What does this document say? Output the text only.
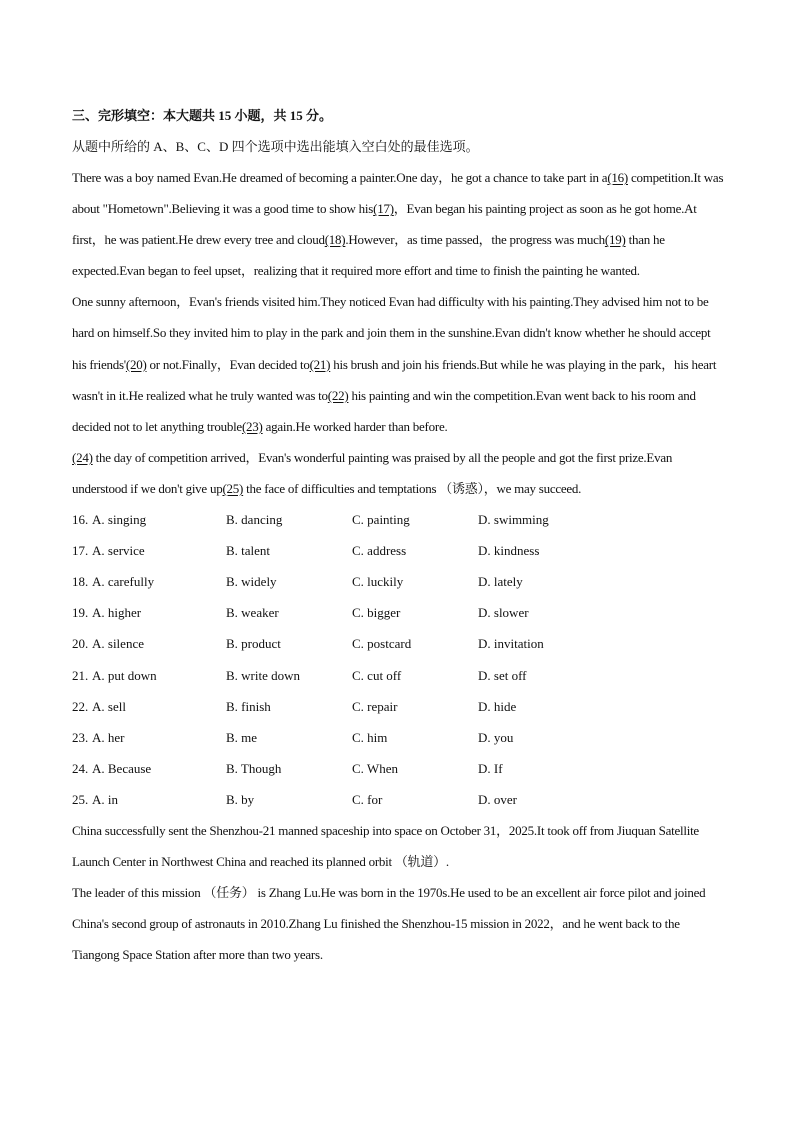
三、完形填空：本大题共 15 小题，共 15 分。
从题中所给的 A、B、C、D 四个选项中选出能填入空白处的最佳选项。

There was a boy named Evan.He dreamed of becoming a painter.One day，he got a chance to take part in a(16) competition.It was about "Hometown".Believing it was a good time to show his(17)，Evan began his painting project as soon as he got home.At first，he was patient.He drew every tree and cloud(18).However，as time passed，the progress was much(19) than he expected.Evan began to feel upset，realizing that it required more effort and time to finish the painting he wanted.

One sunny afternoon，Evan's friends visited him.They noticed Evan had difficulty with his painting.They advised him not to be hard on himself.So they invited him to play in the park and join them in the sunshine.Evan didn't know whether he should accept his friends'(20) or not.Finally，Evan decided to(21) his brush and join his friends.But while he was playing in the park，his heart wasn't in it.He realized what he truly wanted was to(22) his painting and win the competition.Evan went back to his room and decided not to let anything trouble(23) again.He worked harder than before.

(24) the day of competition arrived，Evan's wonderful painting was praised by all the people and got the first prize.Evan understood if we don't give up(25) the face of difficulties and temptations （诱惑），we may succeed.

16. A. singing	B. dancing	C. painting	D. swimming
17. A. service	B. talent	C. address	D. kindness
18. A. carefully	B. widely	C. luckily	D. lately
19. A. higher	B. weaker	C. bigger	D. slower
20. A. silence	B. product	C. postcard	D. invitation
21. A. put down	B. write down	C. cut off	D. set off
22. A. sell	B. finish	C. repair	D. hide
23. A. her	B. me	C. him	D. you
24. A. Because	B. Though	C. When	D. If
25. A. in	B. by	C. for	D. over

China successfully sent the Shenzhou-21 manned spaceship into space on October 31，2025.It took off from Jiuquan Satellite Launch Center in Northwest China and reached its planned orbit （轨道）.

The leader of this mission （任务） is Zhang Lu.He was born in the 1970s.He used to be an excellent air force pilot and joined China's second group of astronauts in 2010.Zhang Lu finished the Shenzhou-15 mission in 2022，and he went back to the Tiangong Space Station after more than two years.
